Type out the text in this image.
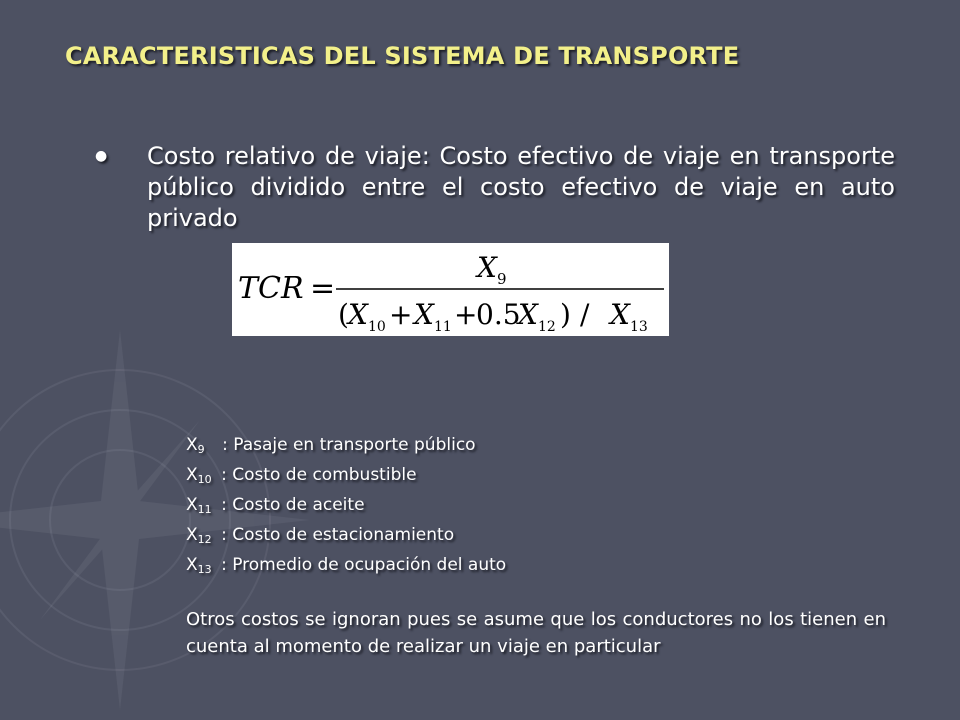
CARACTERISTICAS DEL SISTEMA DE TRANSPORTE
● Costo relativo de viaje: Costo efectivo de viaje en transporte público dividido entre el costo efectivo de viaje en auto privado
TCR =
X 9
( X 10 + X 11 +
0.5
X 12 ) / X 13
$X_9$ : Pasaje en transporte público
$X_{10}$ : Costo de combustible
$X_{11}$ : Costo de aceite
$X_{12}$ : Costo de estacionamiento
$X_{13}$ : Promedio de ocupación del auto
Otros costos se ignoran pues se asume que los conductores no los tienen en cuenta al momento de realizar un viaje en particular
